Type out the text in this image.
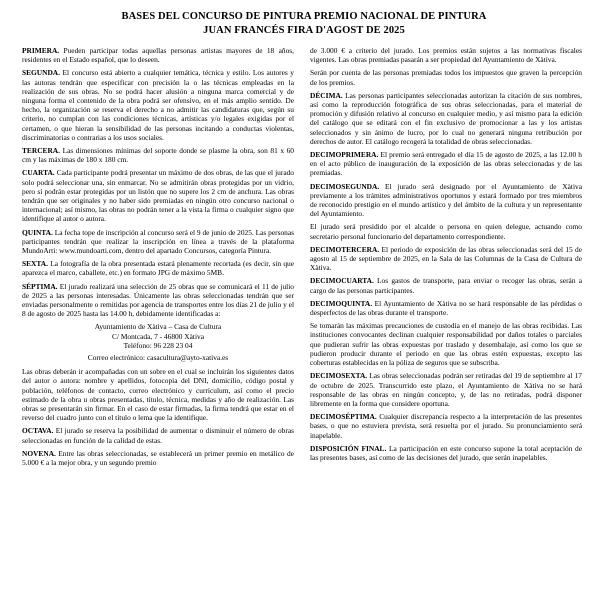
BASES DEL CONCURSO DE PINTURA PREMIO NACIONAL DE PINTURA
JUAN FRANCÉS FIRA D'AGOST DE 2025

PRIMERA. Pueden participar todas aquellas personas artistas mayores de 18 años, residentes en el Estado español, que lo deseen.

SEGUNDA. El concurso está abierto a cualquier temática, técnica y estilo. Los autores y las autoras tendrán que especificar con precisión la o las técnicas empleadas en la realización de sus obras. No se podrá hacer alusión a ninguna marca comercial y de ninguna forma el contenido de la obra podrá ser ofensivo, en el más amplio sentido. De hecho, la organización se reserva el derecho a no admitir las candidaturas que, según su criterio, no cumplan con las condiciones técnicas, artísticas y/o legales exigidas por el certamen, o que hieran la sensibilidad de las personas incitando a conductas violentas, discriminatorias o contrarias a los usos sociales.

TERCERA. Las dimensiones mínimas del soporte donde se plasme la obra, son 81 x 60 cm y las máximas de 180 x 180 cm.

CUARTA. Cada participante podrá presentar un máximo de dos obras, de las que el jurado solo podrá seleccionar una, sin enmarcar. No se admitirán obras protegidas por un vidrio, pero sí podrán estar protegidas por un listón que no supere los 2 cm de anchura. Las obras tendrán que ser originales y no haber sido premiadas en ningún otro concurso nacional o internacional; así mismo, las obras no podrán tener a la vista la firma o cualquier signo que identifique al autor o autora.

QUINTA. La fecha tope de inscripción al concurso será el 9 de junio de 2025. Las personas participantes tendrán que realizar la inscripción en línea a través de la plataforma MundoArti: www.mundoarti.com, dentro del apartado Concursos, categoría Pintura.

SEXTA. La fotografía de la obra presentada estará plenamente recortada (es decir, sin que aparezca el marco, caballete, etc.) en formato JPG de máximo 5MB.

SÉPTIMA. El jurado realizará una selección de 25 obras que se comunicará el 11 de julio de 2025 a las personas interesadas. Únicamente las obras seleccionadas tendrán que ser enviadas personalmente o remitidas por agencia de transportes entre los días 21 de julio y el 8 de agosto de 2025 hasta las 14.00 h, debidamente identificadas a:

Ayuntamiento de Xàtiva – Casa de Cultura
C/ Montcada, 7 - 46800 Xàtiva
Teléfono: 96 228 23 04
Correo electrónico: casacultura@ayto-xativa.es

Las obras deberán ir acompañadas con un sobre en el cual se incluirán los siguientes datos del autor o autora: nombre y apellidos, fotocopia del DNI, domicilio, código postal y población, teléfonos de contacto, correo electrónico y currículum, así como el precio estimado de la obra u obras presentadas, título, técnica, medidas y año de realización. Las obras se presentarán sin firmar. En el caso de estar firmadas, la firma tendrá que estar en el reverso del cuadro junto con el título o lema que la identifique.

OCTAVA. El jurado se reserva la posibilidad de aumentar o disminuir el número de obras seleccionadas en función de la calidad de estas.

NOVENA. Entre las obras seleccionadas, se establecerá un primer premio en metálico de 5.000 € a la mejor obra, y un segundo premio

de 3.000 € a criterio del jurado. Los premios están sujetos a las normativas fiscales vigentes. Las obras premiadas pasarán a ser propiedad del Ayuntamiento de Xàtiva.

Serán por cuenta de las personas premiadas todos los impuestos que graven la percepción de los premios.

DÉCIMA. Las personas participantes seleccionadas autorizan la citación de sus nombres, así como la reproducción fotográfica de sus obras seleccionadas, para el material de promoción y difusión relativo al concurso en cualquier medio, y así mismo para la edición del catálogo que se editará con el fin exclusivo de promocionar a las y los artistas seleccionados y sin ánimo de lucro, por lo cual no generará ninguna retribución por derechos de autor. El catálogo recogerá la totalidad de obras seleccionadas.

DECIMOPRIMERA. El premio será entregado el día 15 de agosto de 2025, a las 12.00 h en el acto público de inauguración de la exposición de las obras seleccionadas y de las premiadas.

DECIMOSEGUNDA. El jurado será designado por el Ayuntamiento de Xàtiva previamente a los trámites administrativos oportunos y estará formado por tres miembros de reconocido prestigio en el mundo artístico y del ámbito de la cultura y un representante del Ayuntamiento.

El jurado será presidido por el alcalde o persona en quien delegue, actuando como secretario personal funcionario del departamento correspondiente.

DECIMOTERCERA. El periodo de exposición de las obras seleccionadas será del 15 de agosto al 15 de septiembre de 2025, en la Sala de las Columnas de la Casa de Cultura de Xàtiva.

DECIMOCUARTA. Los gastos de transporte, para enviar o recoger las obras, serán a cargo de las personas participantes.

DECIMOQUINTA. El Ayuntamiento de Xàtiva no se hará responsable de las pérdidas o desperfectos de las obras durante el transporte.

Se tomarán las máximas precauciones de custodia en el manejo de las obras recibidas. Las instituciones convocantes declinan cualquier responsabilidad por daños totales o parciales que pudieran sufrir las obras expuestas por traslado y desembalaje, así como los que se pudieron producir durante el periodo en que las obras estén expuestas, excepto las coberturas establecidas en la póliza de seguros que se subscriba.

DECIMOSEXTA. Las obras seleccionadas podrán ser retiradas del 19 de septiembre al 17 de octubre de 2025. Transcurrido este plazo, el Ayuntamiento de Xàtiva no se hará responsable de las obras en ningún concepto, y, de las no retiradas, podrá disponer libremente en la forma que considere oportuna.

DECIMOSÉPTIMA. Cualquier discrepancia respecto a la interpretación de las presentes bases, o que no estuviera prevista, será resuelta por el jurado. Su pronunciamiento será inapelable.

DISPOSICIÓN FINAL. La participación en este concurso supone la total aceptación de las presentes bases, así como de las decisiones del jurado, que serán inapelables.
